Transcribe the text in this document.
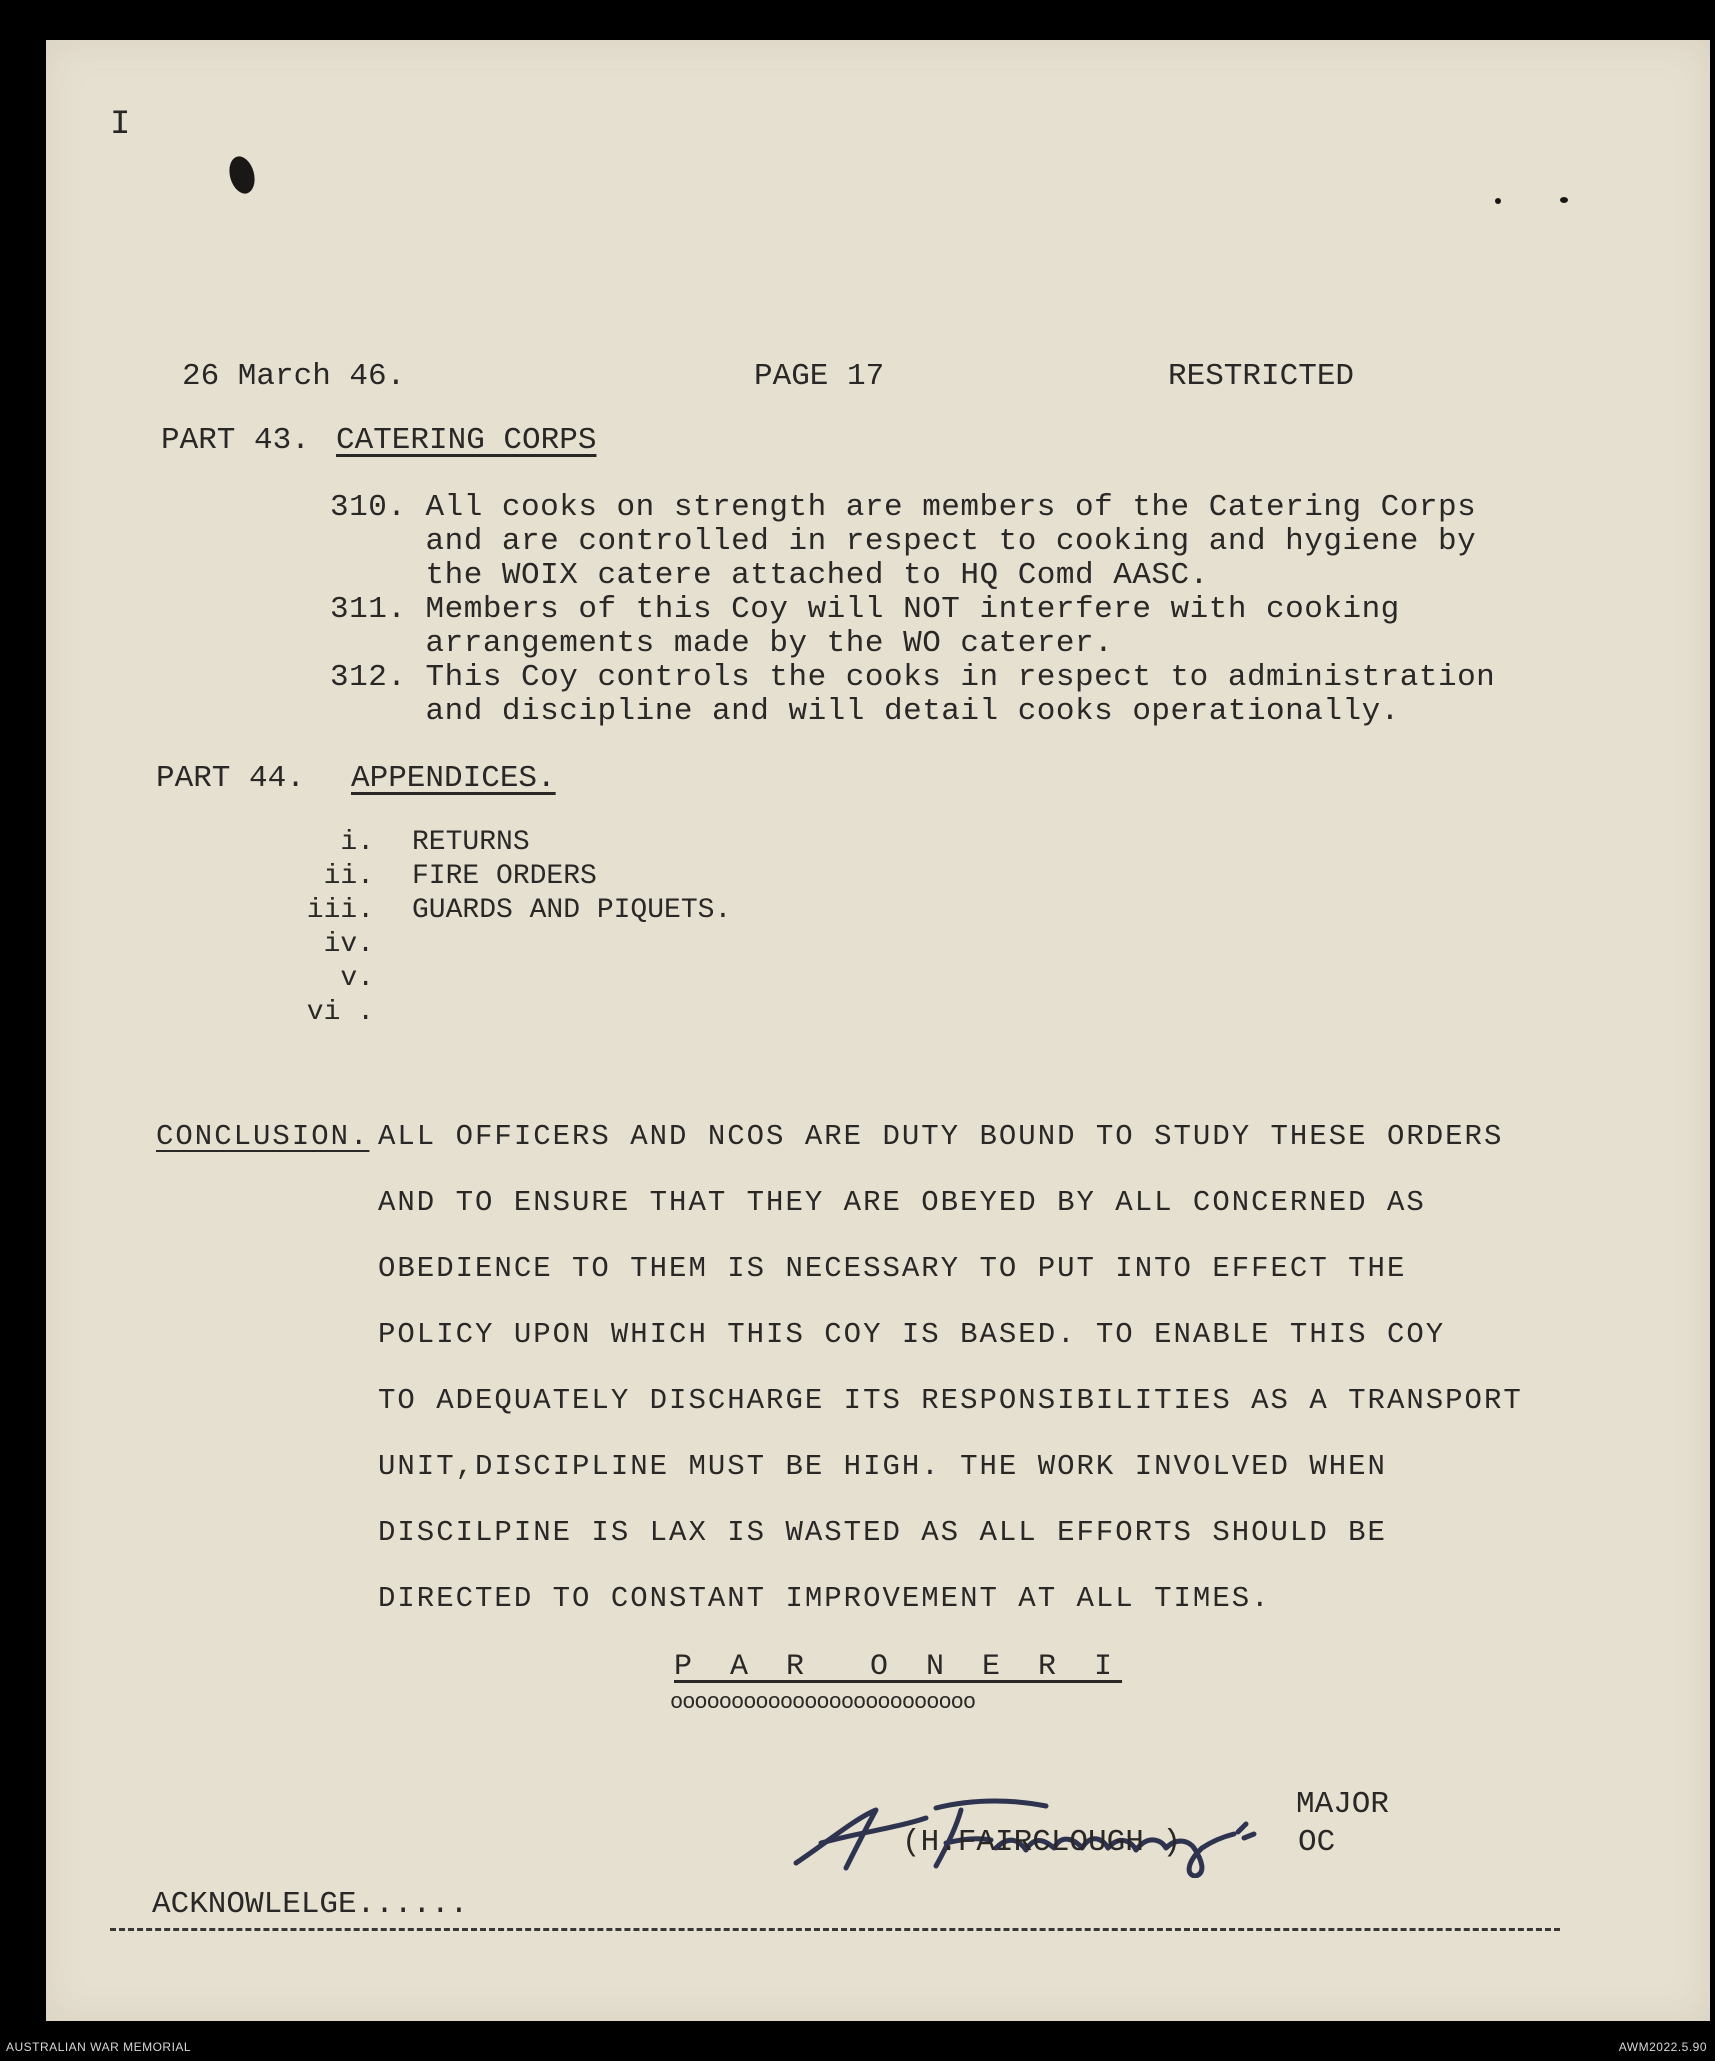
I
26 March 46.	PAGE 17	RESTRICTED
PART 43. CATERING CORPS
310. All cooks on strength are members of the Catering Corps
and are controlled in respect to cooking and hygiene by
the WOIX catere attached to HQ Comd AASC.
311. Members of this Coy will NOT interfere with cooking
arrangements made by the WO caterer.
312. This Coy controls the cooks in respect to administration
and discipline and will detail cooks operationally.
PART 44. APPENDICES.
i. RETURNS
ii. FIRE ORDERS
iii. GUARDS AND PIQUETS.
iv.
v.
vi .
CONCLUSION. ALL OFFICERS AND NCOS ARE DUTY BOUND TO STUDY THESE ORDERS
AND TO ENSURE THAT THEY ARE OBEYED BY ALL CONCERNED AS
OBEDIENCE TO THEM IS NECESSARY TO PUT INTO EFFECT THE
POLICY UPON WHICH THIS COY IS BASED. TO ENABLE THIS COY
TO ADEQUATELY DISCHARGE ITS RESPONSIBILITIES AS A TRANSPORT
UNIT,DISCIPLINE MUST BE HIGH. THE WORK INVOLVED WHEN
DISCILPINE IS LAX IS WASTED AS ALL EFFORTS SHOULD BE
DIRECTED TO CONSTANT IMPROVEMENT AT ALL TIMES.
P A R  O N E R I
ooooooooooooooooooooooooo
MAJOR
(H.FAIRCLOUGH )	OC
ACKNOWLELGE......
AUSTRALIAN WAR MEMORIAL	AWM2022.5.90
